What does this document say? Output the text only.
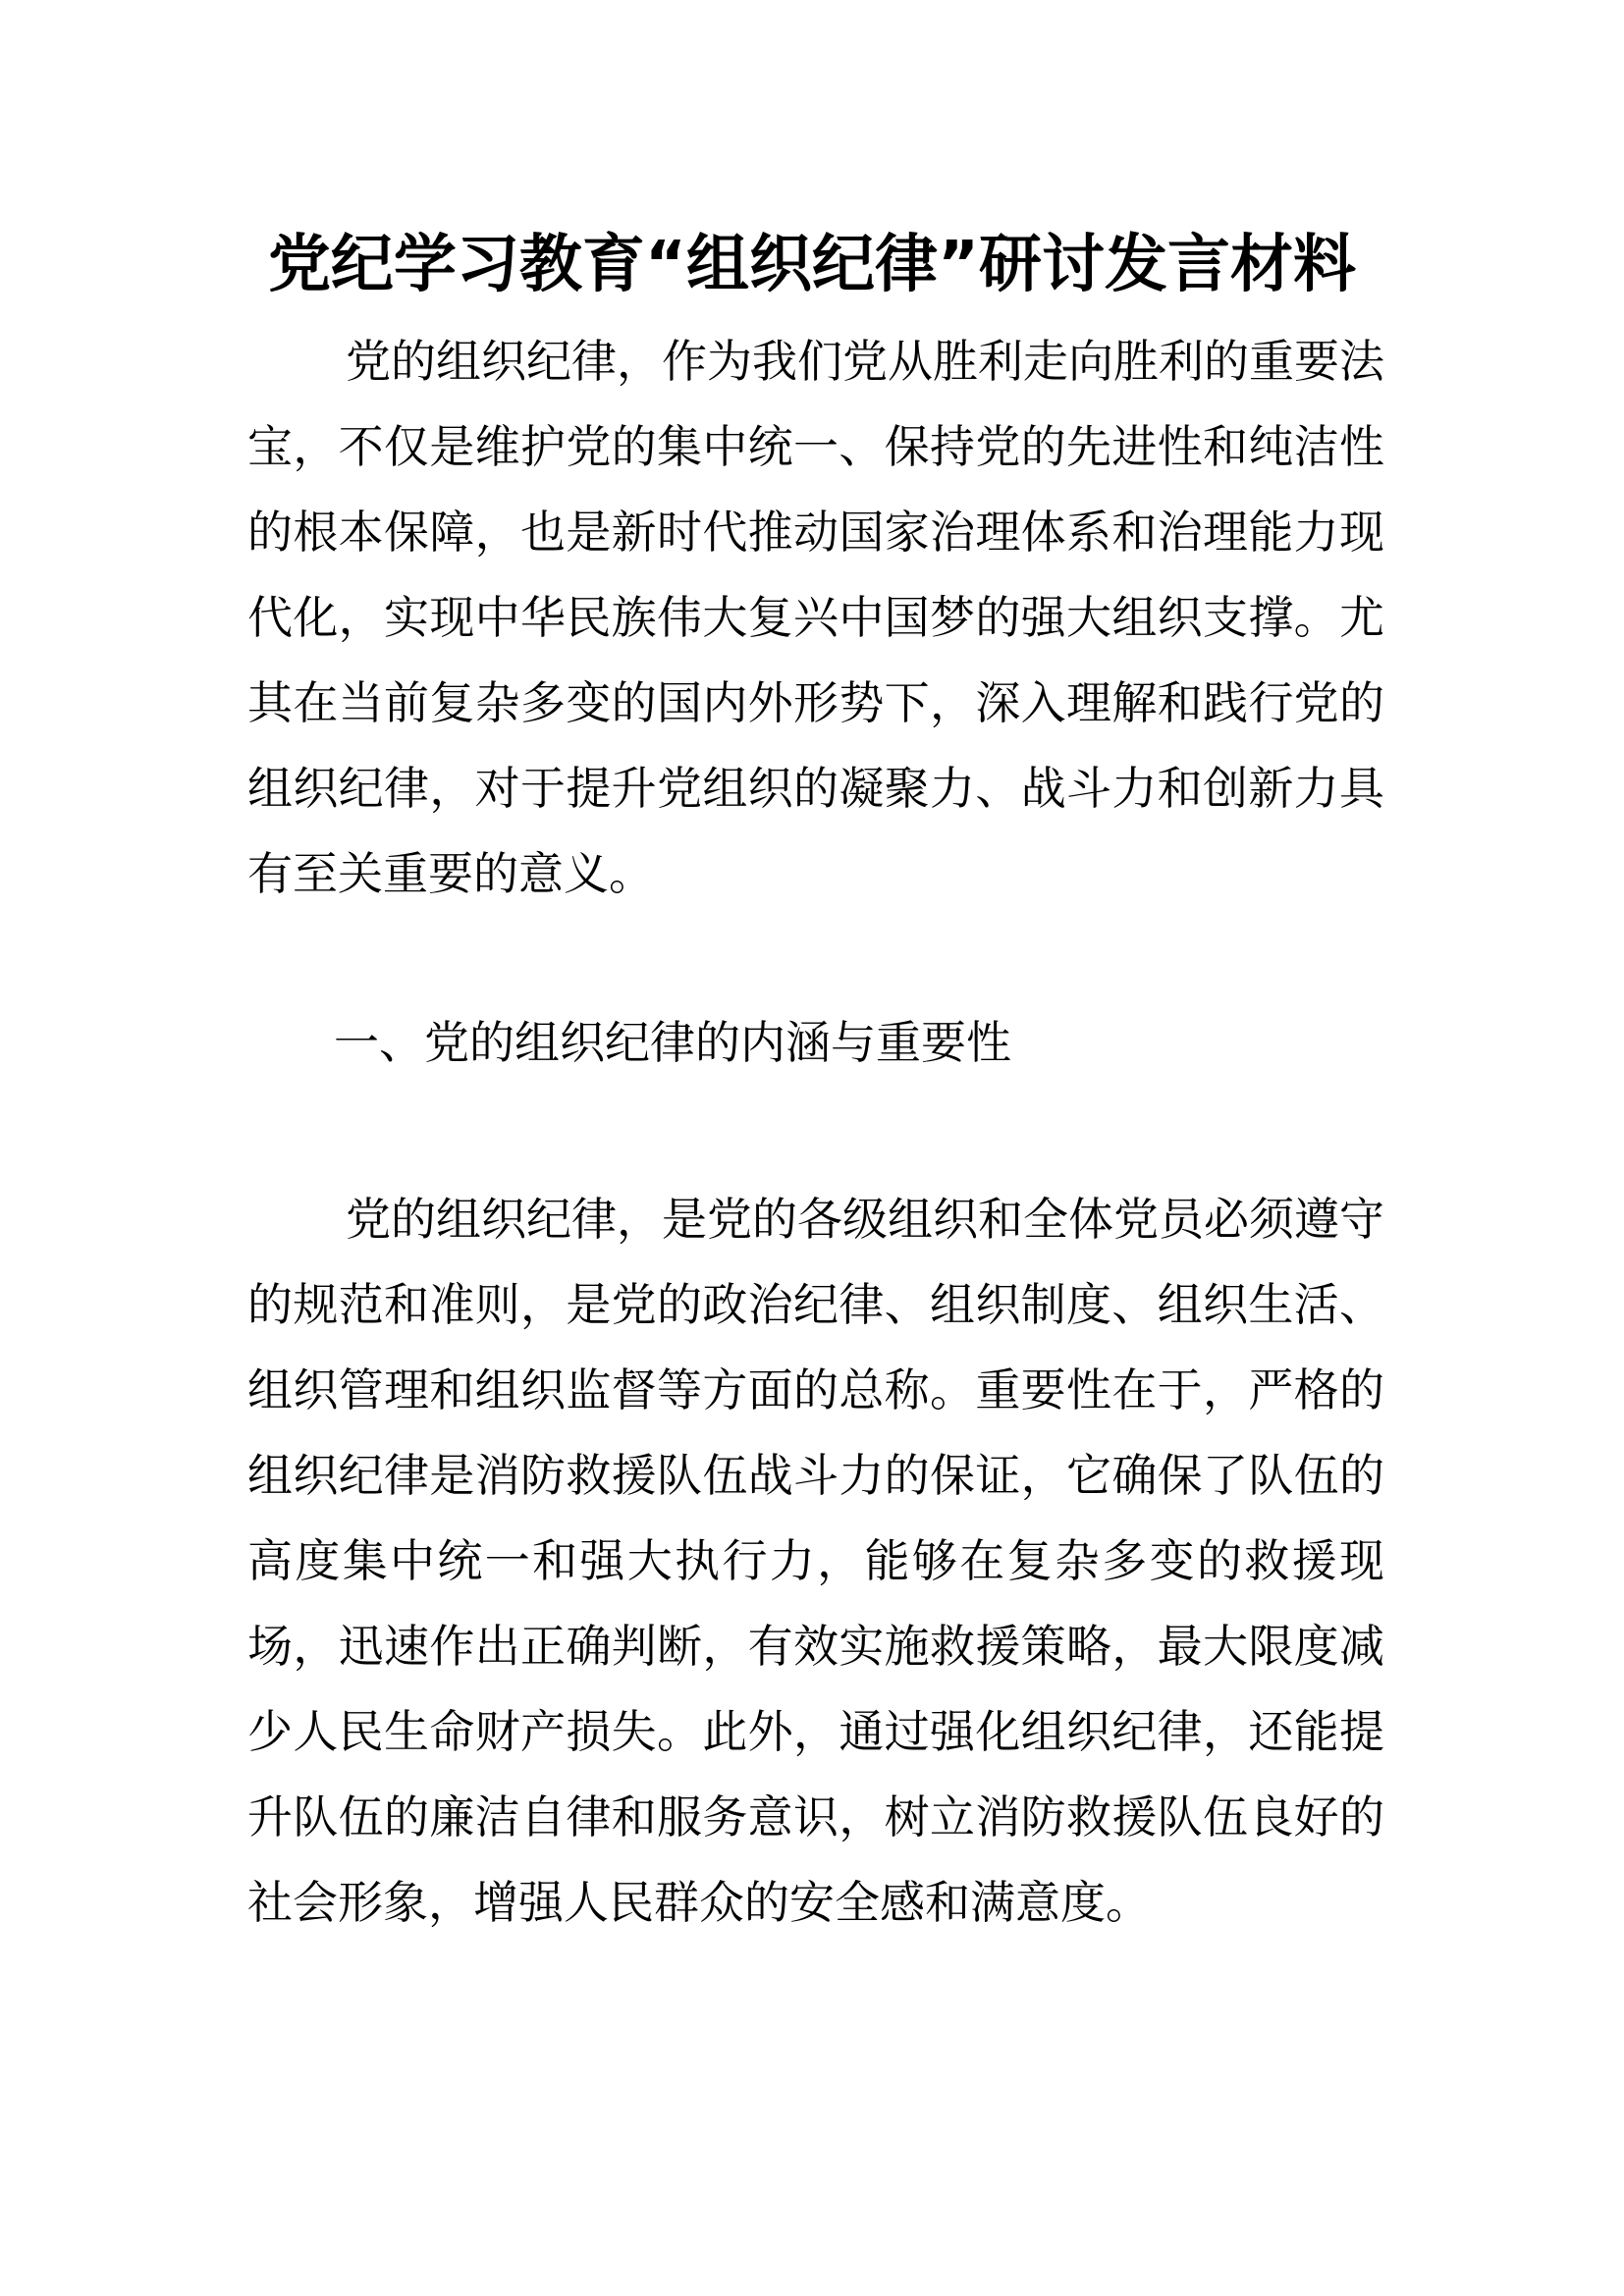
党纪学习教育“组织纪律”研讨发言材料
党的组织纪律，作为我们党从胜利走向胜利的重要法
宝，不仅是维护党的集中统一、保持党的先进性和纯洁性
的根本保障，也是新时代推动国家治理体系和治理能力现
代化，实现中华民族伟大复兴中国梦的强大组织支撑。尤
其在当前复杂多变的国内外形势下，深入理解和践行党的
组织纪律，对于提升党组织的凝聚力、战斗力和创新力具
有至关重要的意义。
一、党的组织纪律的内涵与重要性
党的组织纪律，是党的各级组织和全体党员必须遵守
的规范和准则，是党的政治纪律、组织制度、组织生活、
组织管理和组织监督等方面的总称。重要性在于，严格的
组织纪律是消防救援队伍战斗力的保证，它确保了队伍的
高度集中统一和强大执行力，能够在复杂多变的救援现
场，迅速作出正确判断，有效实施救援策略，最大限度减
少人民生命财产损失。此外，通过强化组织纪律，还能提
升队伍的廉洁自律和服务意识，树立消防救援队伍良好的
社会形象，增强人民群众的安全感和满意度。
